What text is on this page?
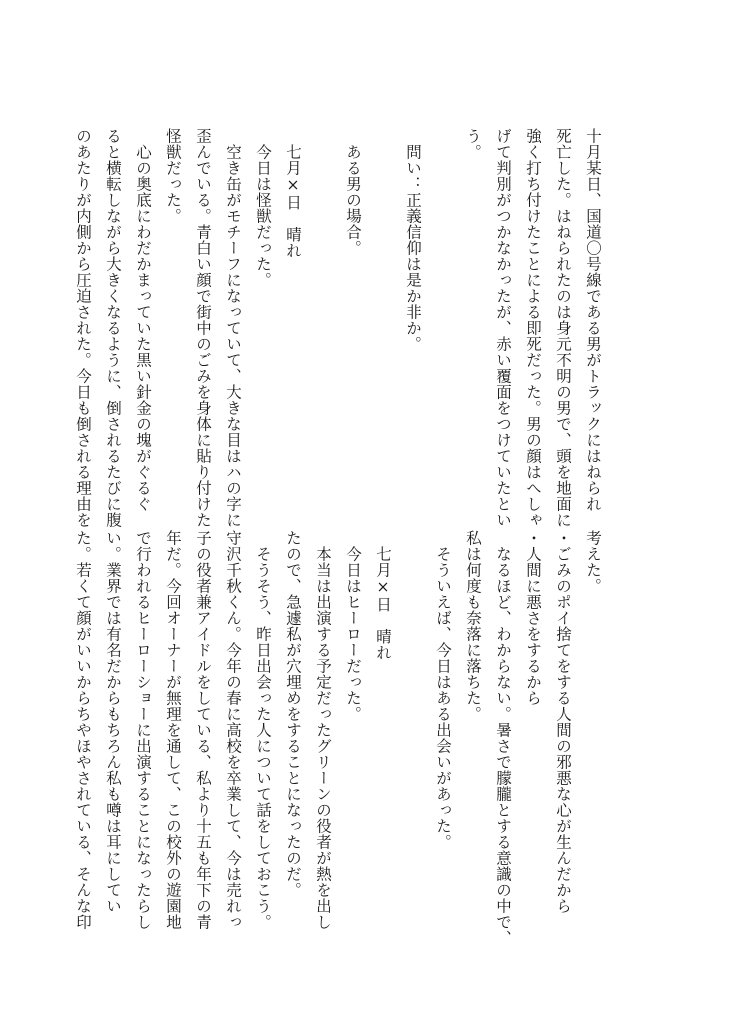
十月某日、国道〇号線である男がトラックにはねられ
死亡した。はねられたのは身元不明の男で、頭を地面に
強く打ち付けたことによる即死だった。男の顔はへしゃ
げて判別がつかなかったが、赤い覆面をつけていたとい
う。
　問い：正義信仰は是か非か。
　ある男の場合。
　七月×日　晴れ
　今日は怪獣だった。
　空き缶がモチーフになっていて、大きな目はハの字に
歪んでいる。青白い顔で街中のごみを身体に貼り付けた
怪獣だった。
　心の奥底にわだかまっていた黒い針金の塊がぐるぐ
ると横転しながら大きくなるように、倒されるたびに腹
のあたりが内側から圧迫された。今日も倒される理由を
考えた。
・ごみのポイ捨てをする人間の邪悪な心が生んだから
・人間に悪さをするから
　なるほど、わからない。暑さで朦朧とする意識の中で、
私は何度も奈落に落ちた。
　そういえば、今日はある出会いがあった。
　七月×日　晴れ
　今日はヒーローだった。
　本当は出演する予定だったグリーンの役者が熱を出し
たので、急遽私が穴埋めをすることになったのだ。
　そうそう、昨日出会った人について話をしておこう。
守沢千秋くん。今年の春に高校を卒業して、今は売れっ
子の役者兼アイドルをしている、私より十五も年下の青
年だ。今回オーナーが無理を通して、この校外の遊園地
で行われるヒーローショーに出演することになったらし
い。業界では有名だからもちろん私も噂は耳にしてい
た。若くて顔がいいからちやほやされている、そんな印
